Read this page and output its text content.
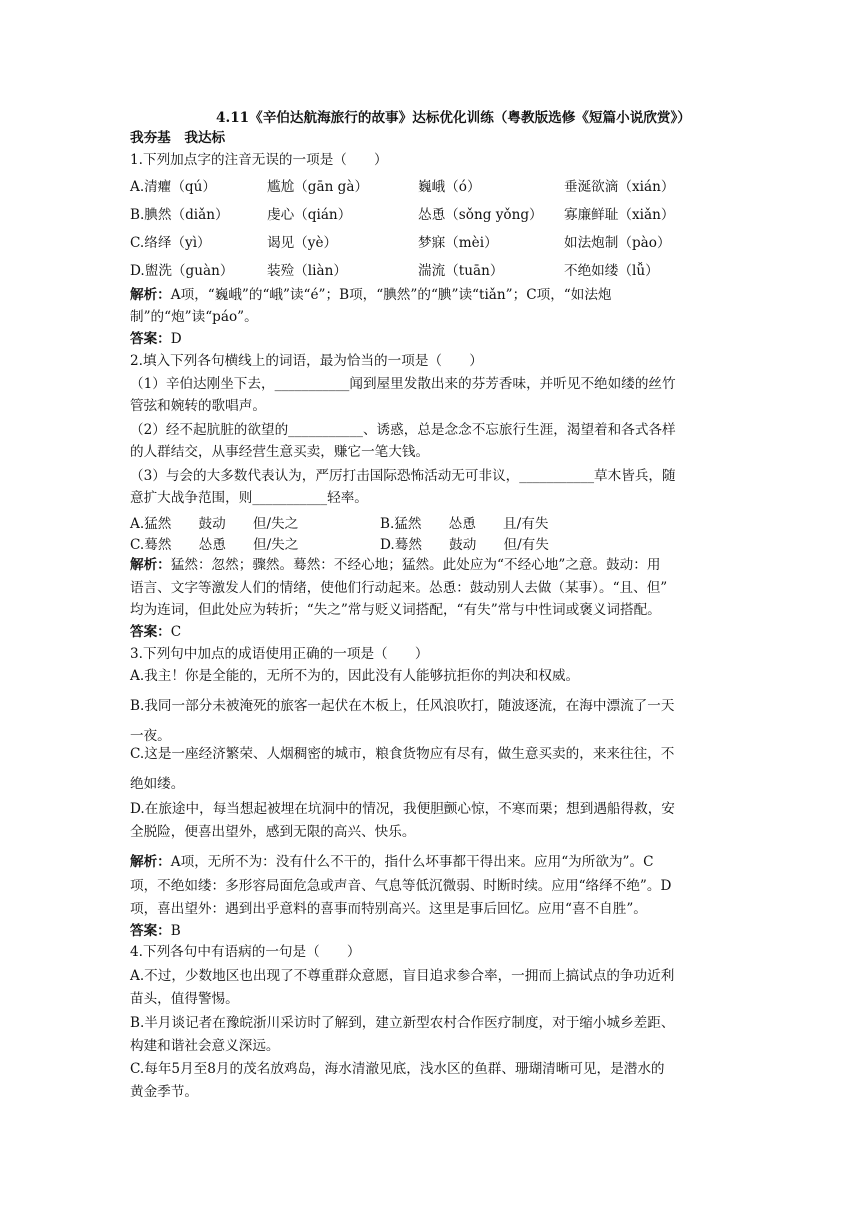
4.11《辛伯达航海旅行的故事》达标优化训练（粤教版选修《短篇小说欣赏》）
我夯基　我达标
1.下列加点字的注音无误的一项是（　　）
A.清癯（qú）	尴尬（gān gà）	巍峨（ó）	垂涎欲滴（xián）
B.腆然（diǎn）	虔心（qián）	怂恿（sǒng yǒng） 寡廉鲜耻（xiǎn）
C.络绎（yì）	谒见（yè）	梦寐（mèi）	如法炮制（pào）
D.盥洗（guàn） 装殓（liàn）	湍流（tuān）	不绝如缕（lǚ）
解析：A项，“巍峨”的“峨”读“é”；B项，“腆然”的“腆”读“tiǎn”；C项，“如法炮
制”的“炮”读“páo”。
答案：D
2.填入下列各句横线上的词语，最为恰当的一项是（　　）
（1）辛伯达刚坐下去，___________闻到屋里发散出来的芬芳香味，并听见不绝如缕的丝竹
管弦和婉转的歌唱声。
（2）经不起肮脏的欲望的___________、诱惑，总是念念不忘旅行生涯，渴望着和各式各样
的人群结交，从事经营生意买卖，赚它一笔大钱。
（3）与会的大多数代表认为，严厉打击国际恐怖活动无可非议，___________草木皆兵，随
意扩大战争范围，则___________轻率。
A.猛然　　鼓动　　但/失之	B.猛然　　怂恿　　且/有失
C.蓦然　　怂恿　　但/失之	D.蓦然　　鼓动　　但/有失
解析：猛然：忽然；骤然。蓦然：不经心地；猛然。此处应为“不经心地”之意。鼓动：用
语言、文字等激发人们的情绪，使他们行动起来。怂恿：鼓动别人去做（某事）。“且、但”
均为连词，但此处应为转折；“失之”常与贬义词搭配，“有失”常与中性词或褒义词搭配。
答案：C
3.下列句中加点的成语使用正确的一项是（　　）
A.我主！你是全能的，无所不为的，因此没有人能够抗拒你的判决和权威。
B.我同一部分未被淹死的旅客一起伏在木板上，任风浪吹打，随波逐流，在海中漂流了一天
一夜。
C.这是一座经济繁荣、人烟稠密的城市，粮食货物应有尽有，做生意买卖的，来来往往，不
绝如缕。
D.在旅途中，每当想起被埋在坑洞中的情况，我便胆颤心惊，不寒而栗；想到遇船得救，安
全脱险，便喜出望外，感到无限的高兴、快乐。
解析：A项，无所不为：没有什么不干的，指什么坏事都干得出来。应用“为所欲为”。C
项，不绝如缕：多形容局面危急或声音、气息等低沉微弱、时断时续。应用“络绎不绝”。D
项，喜出望外：遇到出乎意料的喜事而特别高兴。这里是事后回忆。应用“喜不自胜”。
答案：B
4.下列各句中有语病的一句是（　　）
A.不过，少数地区也出现了不尊重群众意愿，盲目追求参合率，一拥而上搞试点的争功近利
苗头，值得警惕。
B.半月谈记者在豫皖浙川采访时了解到，建立新型农村合作医疗制度，对于缩小城乡差距、
构建和谐社会意义深远。
C.每年5月至8月的茂名放鸡岛，海水清澈见底，浅水区的鱼群、珊瑚清晰可见，是潜水的
黄金季节。
